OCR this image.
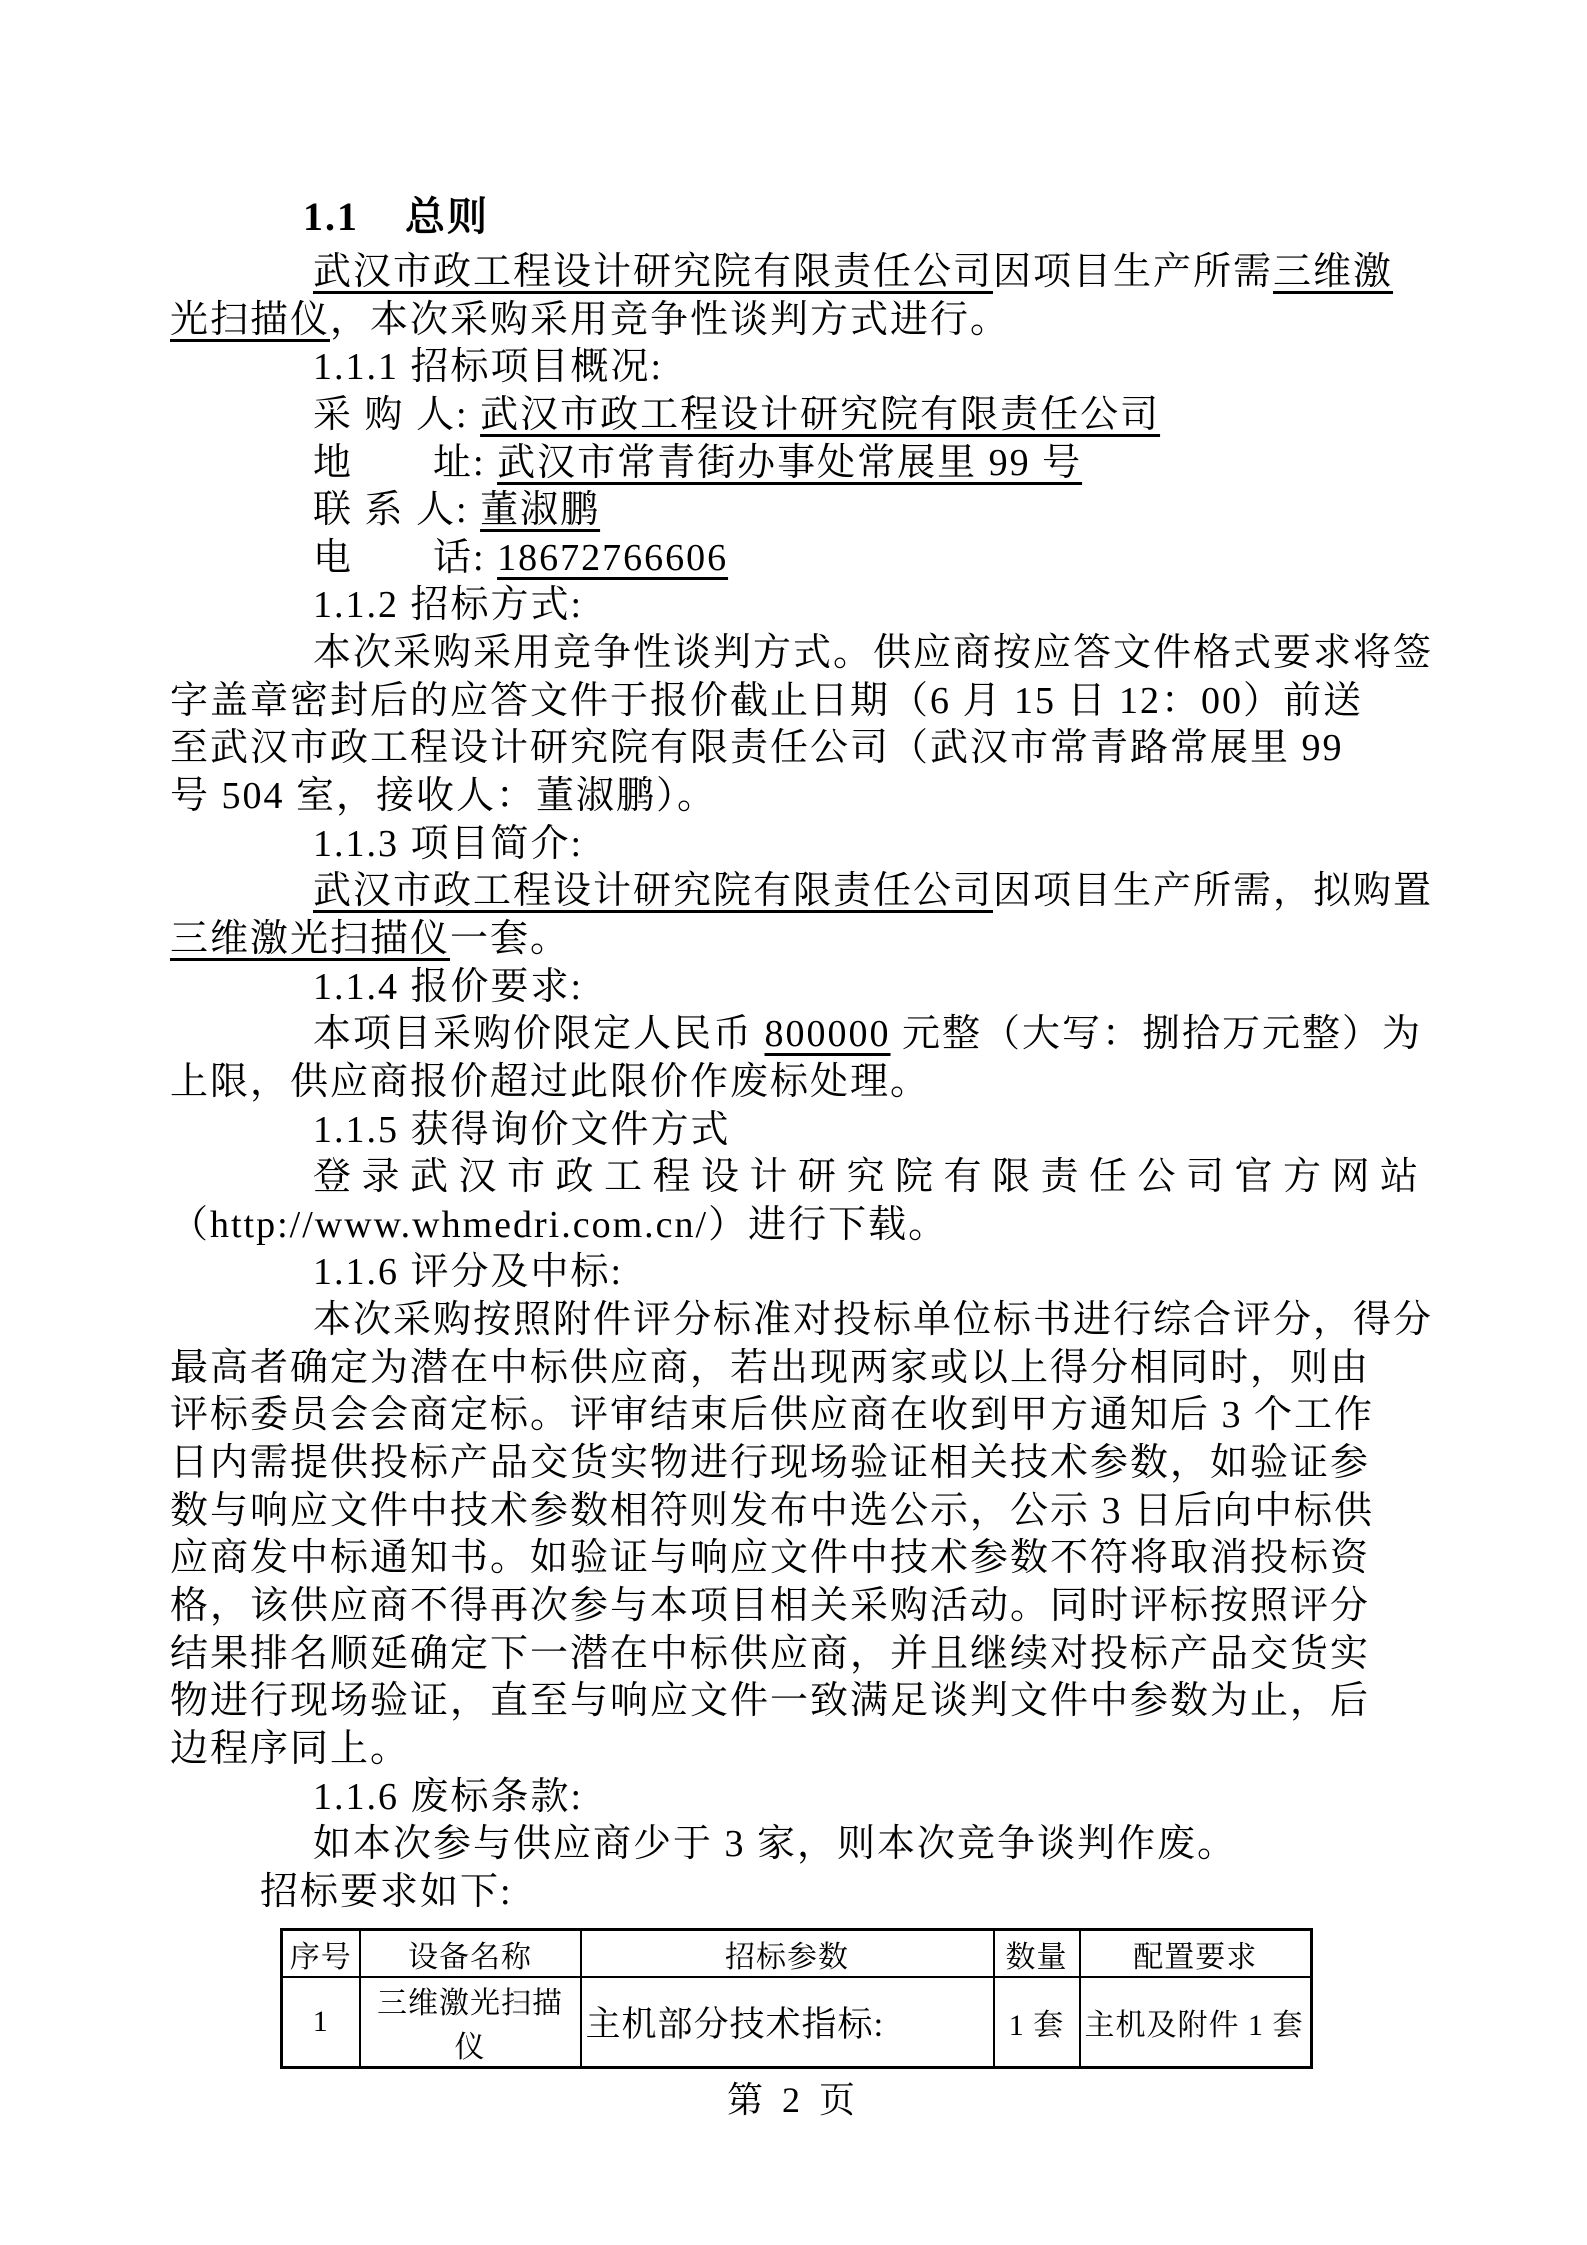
1.1 总则
武汉市政工程设计研究院有限责任公司因项目生产所需三维激
光扫描仪，本次采购采用竞争性谈判方式进行。
1.1.1 招标项目概况:
采 购 人: 武汉市政工程设计研究院有限责任公司
地　　址: 武汉市常青街办事处常展里 99 号
联 系 人: 董淑鹏
电　　话: 18672766606
1.1.2 招标方式:
本次采购采用竞争性谈判方式。供应商按应答文件格式要求将签
字盖章密封后的应答文件于报价截止日期（6 月 15 日 12：00）前送
至武汉市政工程设计研究院有限责任公司（武汉市常青路常展里 99
号 504 室，接收人：董淑鹏）。
1.1.3 项目简介:
武汉市政工程设计研究院有限责任公司因项目生产所需，拟购置
三维激光扫描仪一套。
1.1.4 报价要求:
本项目采购价限定人民币 800000 元整（大写：捌拾万元整）为
上限，供应商报价超过此限价作废标处理。
1.1.5 获得询价文件方式
登录武汉市政工程设计研究院有限责任公司官方网站
（http://www.whmedri.com.cn/）进行下载。
1.1.6 评分及中标:
本次采购按照附件评分标准对投标单位标书进行综合评分，得分
最高者确定为潜在中标供应商，若出现两家或以上得分相同时，则由
评标委员会会商定标。评审结束后供应商在收到甲方通知后 3 个工作
日内需提供投标产品交货实物进行现场验证相关技术参数，如验证参
数与响应文件中技术参数相符则发布中选公示，公示 3 日后向中标供
应商发中标通知书。如验证与响应文件中技术参数不符将取消投标资
格，该供应商不得再次参与本项目相关采购活动。同时评标按照评分
结果排名顺延确定下一潜在中标供应商，并且继续对投标产品交货实
物进行现场验证，直至与响应文件一致满足谈判文件中参数为止，后
边程序同上。
1.1.6 废标条款:
如本次参与供应商少于 3 家，则本次竞争谈判作废。
招标要求如下:
序号	设备名称	招标参数	数量	配置要求
1	三维激光扫描仪	主机部分技术指标:	1 套	主机及附件 1 套
第 2 页
